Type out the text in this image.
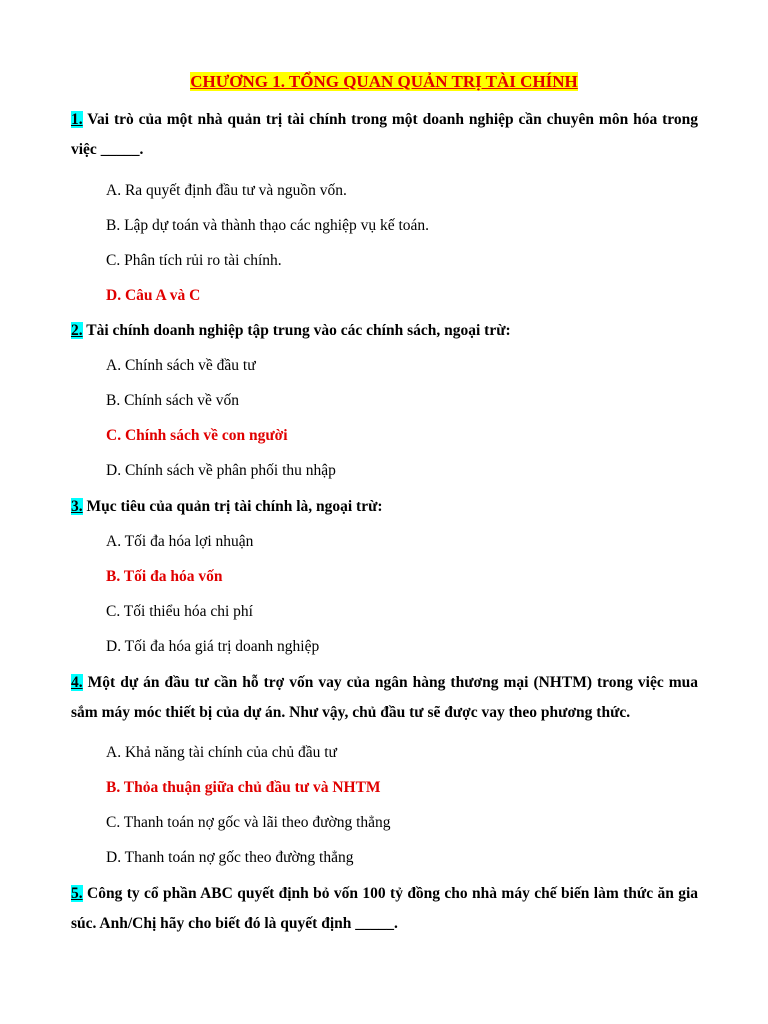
CHƯƠNG 1. TỔNG QUAN QUẢN TRỊ TÀI CHÍNH
1. Vai trò của một nhà quản trị tài chính trong một doanh nghiệp cần chuyên môn hóa trong việc _____.
A. Ra quyết định đầu tư và nguồn vốn.
B. Lập dự toán và thành thạo các nghiệp vụ kế toán.
C. Phân tích rủi ro tài chính.
D. Câu A và C
2. Tài chính doanh nghiệp tập trung vào các chính sách, ngoại trừ:
A. Chính sách về đầu tư
B. Chính sách về vốn
C. Chính sách về con người
D. Chính sách về phân phối thu nhập
3. Mục tiêu của quản trị tài chính là, ngoại trừ:
A. Tối đa hóa lợi nhuận
B. Tối đa hóa vốn
C. Tối thiểu hóa chi phí
D. Tối đa hóa giá trị doanh nghiệp
4. Một dự án đầu tư cần hỗ trợ vốn vay của ngân hàng thương mại (NHTM) trong việc mua sắm máy móc thiết bị của dự án. Như vậy, chủ đầu tư sẽ được vay theo phương thức.
A. Khả năng tài chính của chủ đầu tư
B. Thỏa thuận giữa chủ đầu tư và NHTM
C. Thanh toán nợ gốc và lãi theo đường thẳng
D. Thanh toán nợ gốc theo đường thẳng
5. Công ty cổ phần ABC quyết định bỏ vốn 100 tỷ đồng cho nhà máy chế biến làm thức ăn gia súc. Anh/Chị hãy cho biết đó là quyết định _____.
